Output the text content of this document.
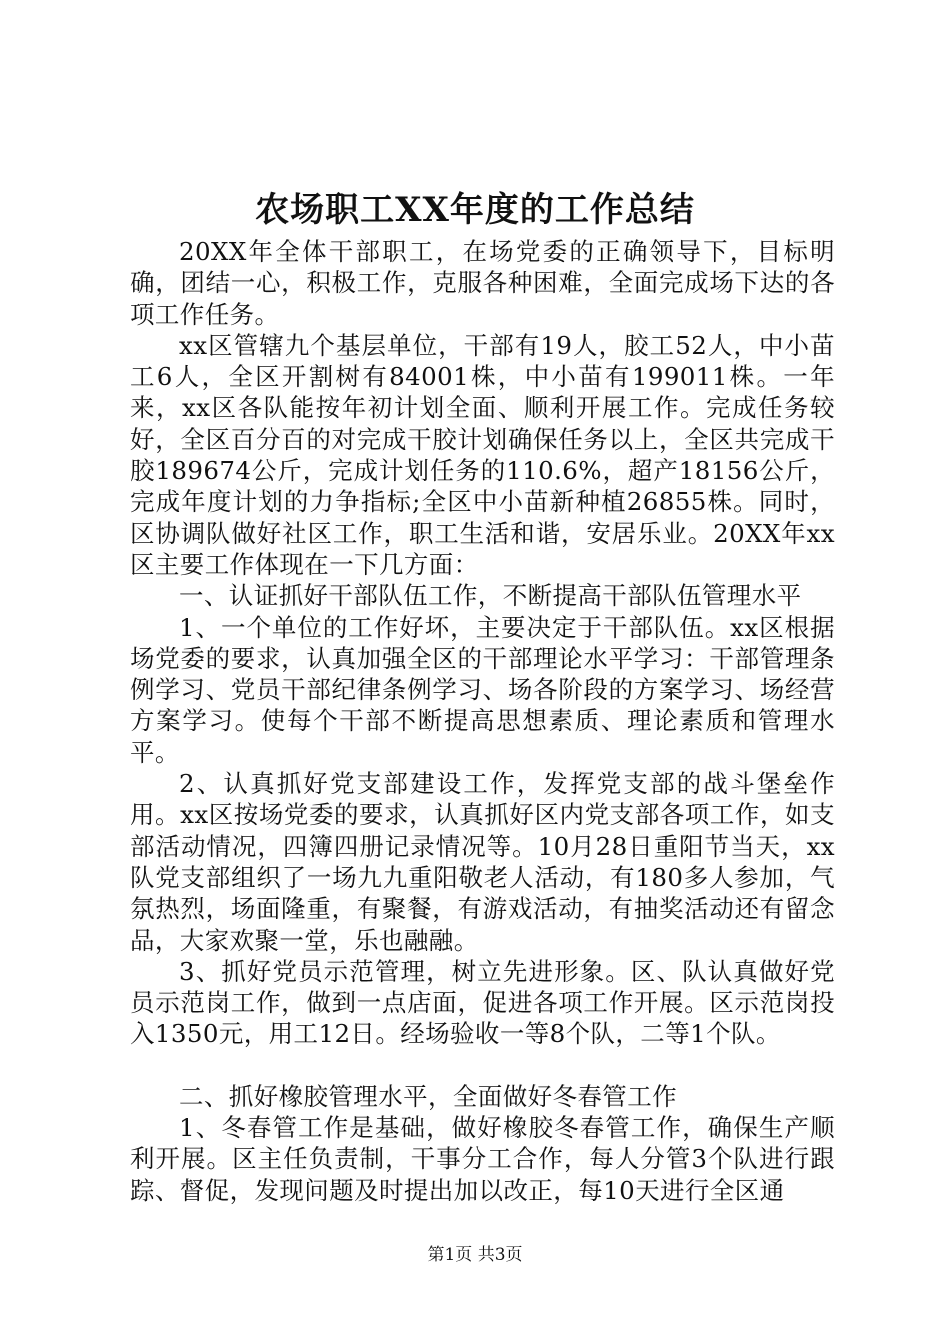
农场职工XX年度的工作总结

20XX年全体干部职工，在场党委的正确领导下，目标明确，团结一心，积极工作，克服各种困难，全面完成场下达的各项工作任务。

xx区管辖九个基层单位，干部有19人，胶工52人，中小苗工6人，全区开割树有84001株，中小苗有199011株。一年来，xx区各队能按年初计划全面、顺利开展工作。完成任务较好，全区百分百的对完成干胶计划确保任务以上，全区共完成干胶189674公斤，完成计划任务的110.6%，超产18156公斤，完成年度计划的力争指标;全区中小苗新种植26855株。同时，区协调队做好社区工作，职工生活和谐，安居乐业。20XX年xx区主要工作体现在一下几方面：

一、认证抓好干部队伍工作，不断提高干部队伍管理水平

1、一个单位的工作好坏，主要决定于干部队伍。xx区根据场党委的要求，认真加强全区的干部理论水平学习：干部管理条例学习、党员干部纪律条例学习、场各阶段的方案学习、场经营方案学习。使每个干部不断提高思想素质、理论素质和管理水平。

2、认真抓好党支部建设工作，发挥党支部的战斗堡垒作用。xx区按场党委的要求，认真抓好区内党支部各项工作，如支部活动情况，四簿四册记录情况等。10月28日重阳节当天，xx队党支部组织了一场九九重阳敬老人活动，有180多人参加，气氛热烈，场面隆重，有聚餐，有游戏活动，有抽奖活动还有留念品，大家欢聚一堂，乐也融融。

3、抓好党员示范管理，树立先进形象。区、队认真做好党员示范岗工作，做到一点店面，促进各项工作开展。区示范岗投入1350元，用工12日。经场验收一等8个队，二等1个队。

二、抓好橡胶管理水平，全面做好冬春管工作

1、冬春管工作是基础，做好橡胶冬春管工作，确保生产顺利开展。区主任负责制，干事分工合作，每人分管3个队进行跟踪、督促，发现问题及时提出加以改正，每10天进行全区通

第1页 共3页
